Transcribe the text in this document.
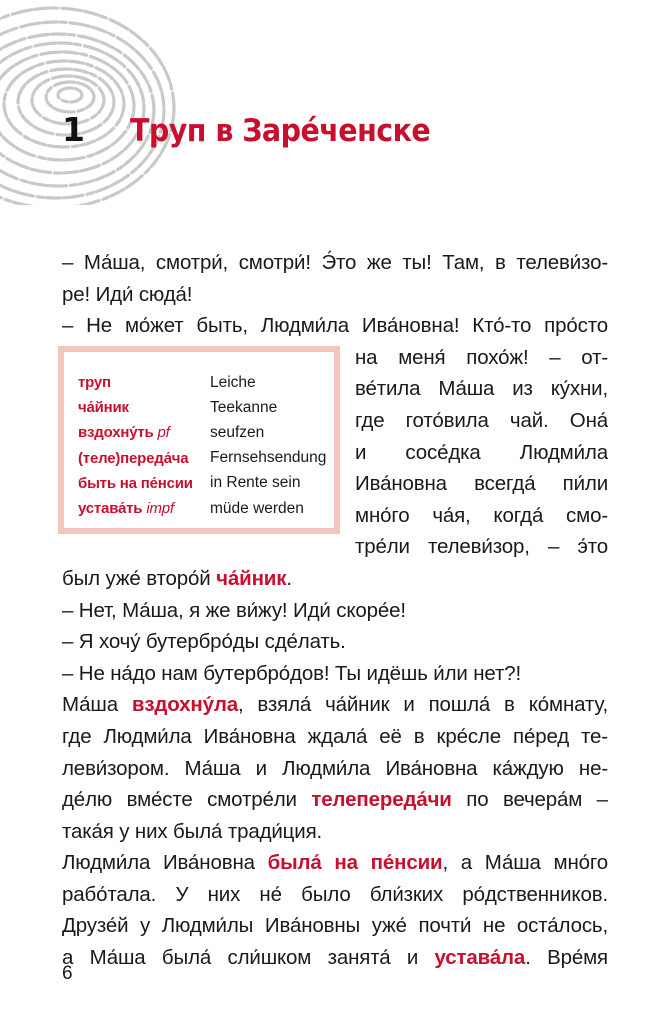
1	Труп в Заре́ченске
– Ма́ша, смотри́, смотри́! Э́то же ты! Там, в телеви́зо-
ре! Иди́ сюда́!
– Не мо́жет быть, Людми́ла Ива́новна! Кто́-то про́сто
на меня́ похо́ж! – от-
ве́тила Ма́ша из ку́хни,
где гото́вила чай. Она́
и сосе́дка Людми́ла
Ива́новна всегда́ пи́ли
мно́го ча́я, когда́ смо-
тре́ли телеви́зор, – э́то
был уже́ второ́й ча́йник.
– Нет, Ма́ша, я же ви́жу! Иди́ скоре́е!
– Я хочу́ бутербро́ды сде́лать.
– Не на́до нам бутербро́дов! Ты идёшь и́ли нет?!
Ма́ша вздохну́ла, взяла́ ча́йник и пошла́ в ко́мнату,
где Людми́ла Ива́новна ждала́ её в кре́сле пе́ред те-
леви́зором. Ма́ша и Людми́ла Ива́новна ка́ждую не-
де́лю вме́сте смотре́ли телепереда́чи по вечера́м –
така́я у них была́ тради́ция.
Людми́ла Ива́новна была́ на пе́нсии, а Ма́ша мно́го
рабо́тала. У них не́ было бли́зких ро́дственников.
Друзе́й у Людми́лы Ива́новны уже́ почти́ не оста́лось,
а Ма́ша была́ сли́шком занята́ и устава́ла. Вре́мя
труп	Leiche
ча́йник	Teekanne
вздохну́ть pf	seufzen
(теле)переда́ча	Fernsehsendung
быть на пе́нсии	in Rente sein
устава́ть impf	müde werden
6
